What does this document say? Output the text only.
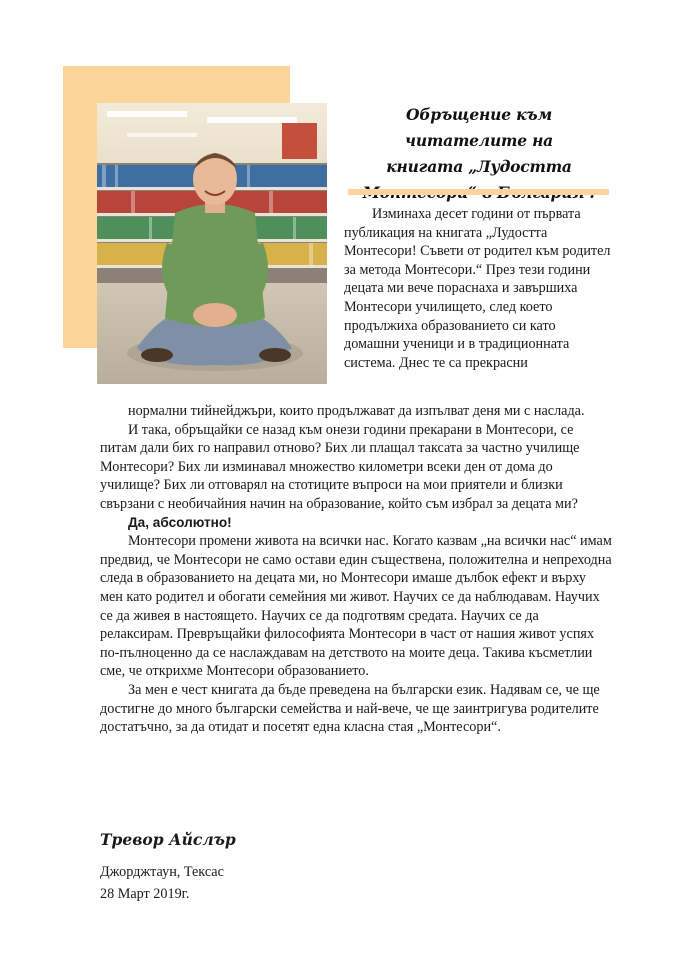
Обръщение към читателите на
книгата „Лудостта

Изминаха десет години от първата публикация на книгата „Лудостта Монтесори! Съвети от родител към родител за метода Монтесори.“ През тези години децата ми вече пораснаха и завършиха Монтесори училището, след което продължиха образованието си като домашни ученици и в традиционната система. Днес те са прекрасни

нормални тийнейджъри, които продължават да изпълват деня ми с наслада.

И така, обръщайки се назад към онези години прекарани в Монтесори, се питам дали бих го направил отново? Бих ли плащал таксата за частно училище Монтесори? Бих ли изминавал множество километри всеки ден от дома до училище? Бих ли отговарял на стотиците въпроси на мои приятели и близки свързани с необичайния начин на образование, който съм избрал за децата ми?

Да, абсолютно!

Монтесори промени живота на всички нас. Когато казвам „на всички нас“ имам предвид, че Монтесори не само остави един съществена, положителна и непреходна следа в образованието на децата ми, но Монтесори имаше дълбок ефект и върху мен като родител и обогати семейния ми живот. Научих се да наблюдавам. Научих се да живея в настоящето. Научих се да подготвям средата. Научих се да релаксирам. Превръщайки философията Монтесори в част от нашия живот успях по-пълноценно да се наслаждавам на детството на моите деца. Такива късметлии сме, че открихме Монтесори образованието.

За мен е чест книгата да бъде преведена на български език. Надявам се, че ще достигне до много български семейства и най-вече, че ще заинтригува родителите достатъчно, за да отидат и посетят една класна стая „Монтесори“.

Тревор Айслър
Джорджтаун, Тексас
28 Март 2019г.
